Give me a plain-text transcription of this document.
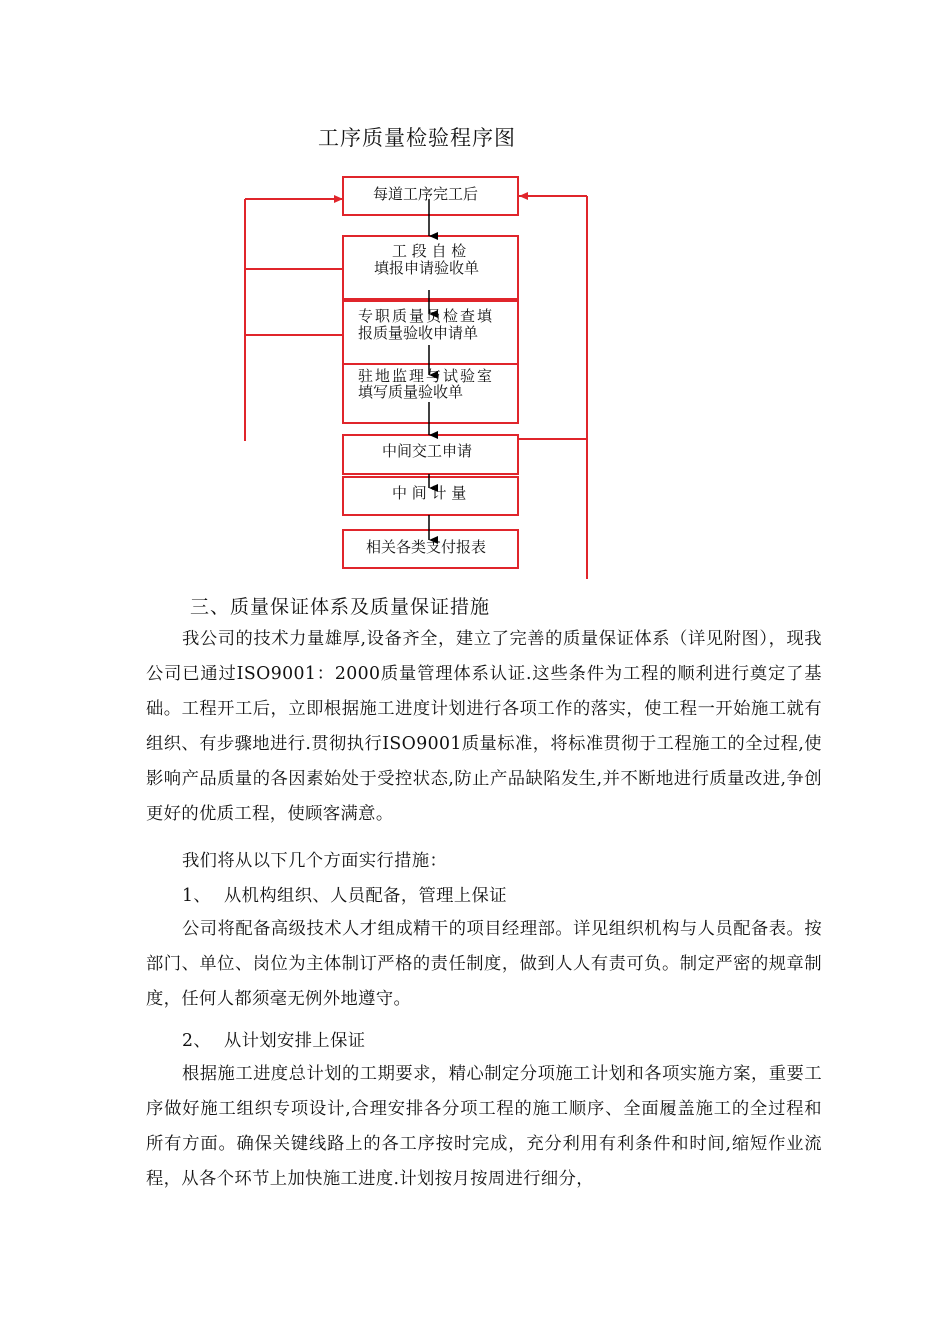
工序质量检验程序图
每道工序完工后
工 段 自 检
填报申请验收单
专职质量员检查填
报质量验收申请单
驻地监理与试验室
填写质量验收单
中间交工申请
中 间 计 量
相关各类支付报表
三、质量保证体系及质量保证措施
我公司的技术力量雄厚,设备齐全，建立了完善的质量保证体系（详见附图），现我公司已通过ISO9001：2000质量管理体系认证.这些条件为工程的顺利进行奠定了基础。工程开工后，立即根据施工进度计划进行各项工作的落实，使工程一开始施工就有组织、有步骤地进行.贯彻执行ISO9001质量标准，将标准贯彻于工程施工的全过程,使影响产品质量的各因素始处于受控状态,防止产品缺陷发生,并不断地进行质量改进,争创更好的优质工程，使顾客满意。
我们将从以下几个方面实行措施：
1、 从机构组织、人员配备，管理上保证
公司将配备高级技术人才组成精干的项目经理部。详见组织机构与人员配备表。按部门、单位、岗位为主体制订严格的责任制度，做到人人有责可负。制定严密的规章制度，任何人都须毫无例外地遵守。
2、 从计划安排上保证
根据施工进度总计划的工期要求，精心制定分项施工计划和各项实施方案，重要工序做好施工组织专项设计,合理安排各分项工程的施工顺序、全面履盖施工的全过程和所有方面。确保关键线路上的各工序按时完成，充分利用有利条件和时间,缩短作业流程，从各个环节上加快施工进度.计划按月按周进行细分，
